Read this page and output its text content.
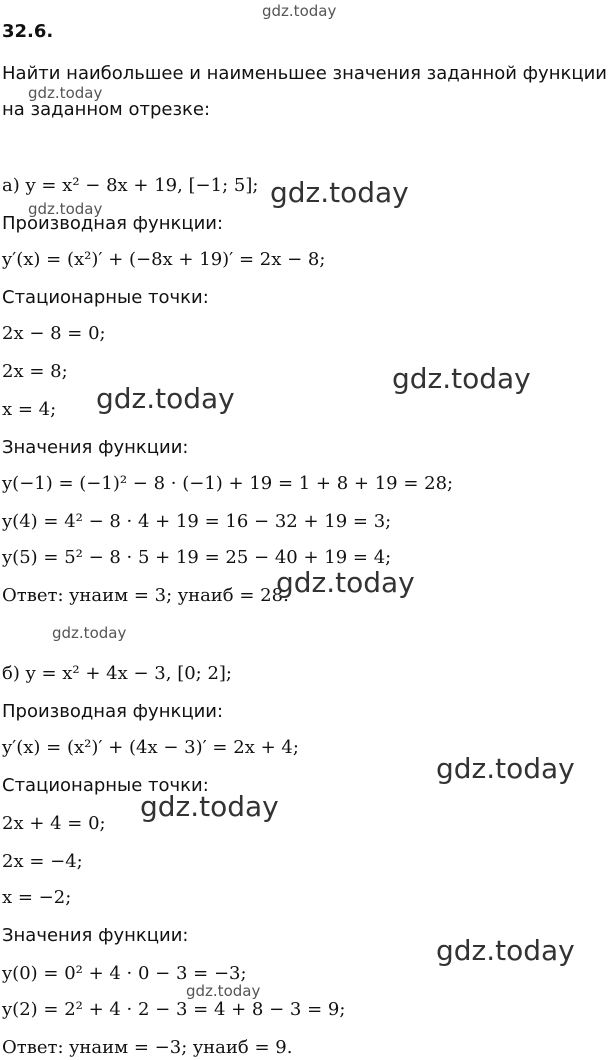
32.6.
Найти наибольшее и наименьшее значения заданной функции
на заданном отрезке:
а) y = x² − 8x + 19, [−1; 5];
Производная функции:
y′(x) = (x²)′ + (−8x + 19)′ = 2x − 8;
Стационарные точки:
2x − 8 = 0;
2x = 8;
x = 4;
Значения функции:
y(−1) = (−1)² − 8 · (−1) + 19 = 1 + 8 + 19 = 28;
y(4) = 4² − 8 · 4 + 19 = 16 − 32 + 19 = 3;
y(5) = 5² − 8 · 5 + 19 = 25 − 40 + 19 = 4;
Ответ: yнаим = 3; yнаиб = 28.
б) y = x² + 4x − 3, [0; 2];
Производная функции:
y′(x) = (x²)′ + (4x − 3)′ = 2x + 4;
Стационарные точки:
2x + 4 = 0;
2x = −4;
x = −2;
Значения функции:
y(0) = 0² + 4 · 0 − 3 = −3;
y(2) = 2² + 4 · 2 − 3 = 4 + 8 − 3 = 9;
Ответ: yнаим = −3; yнаиб = 9.
gdz.today
gdz.today
gdz.today
gdz.today
gdz.today
gdz.today
gdz.today
gdz.today
gdz.today
gdz.today
gdz.today
gdz.today
